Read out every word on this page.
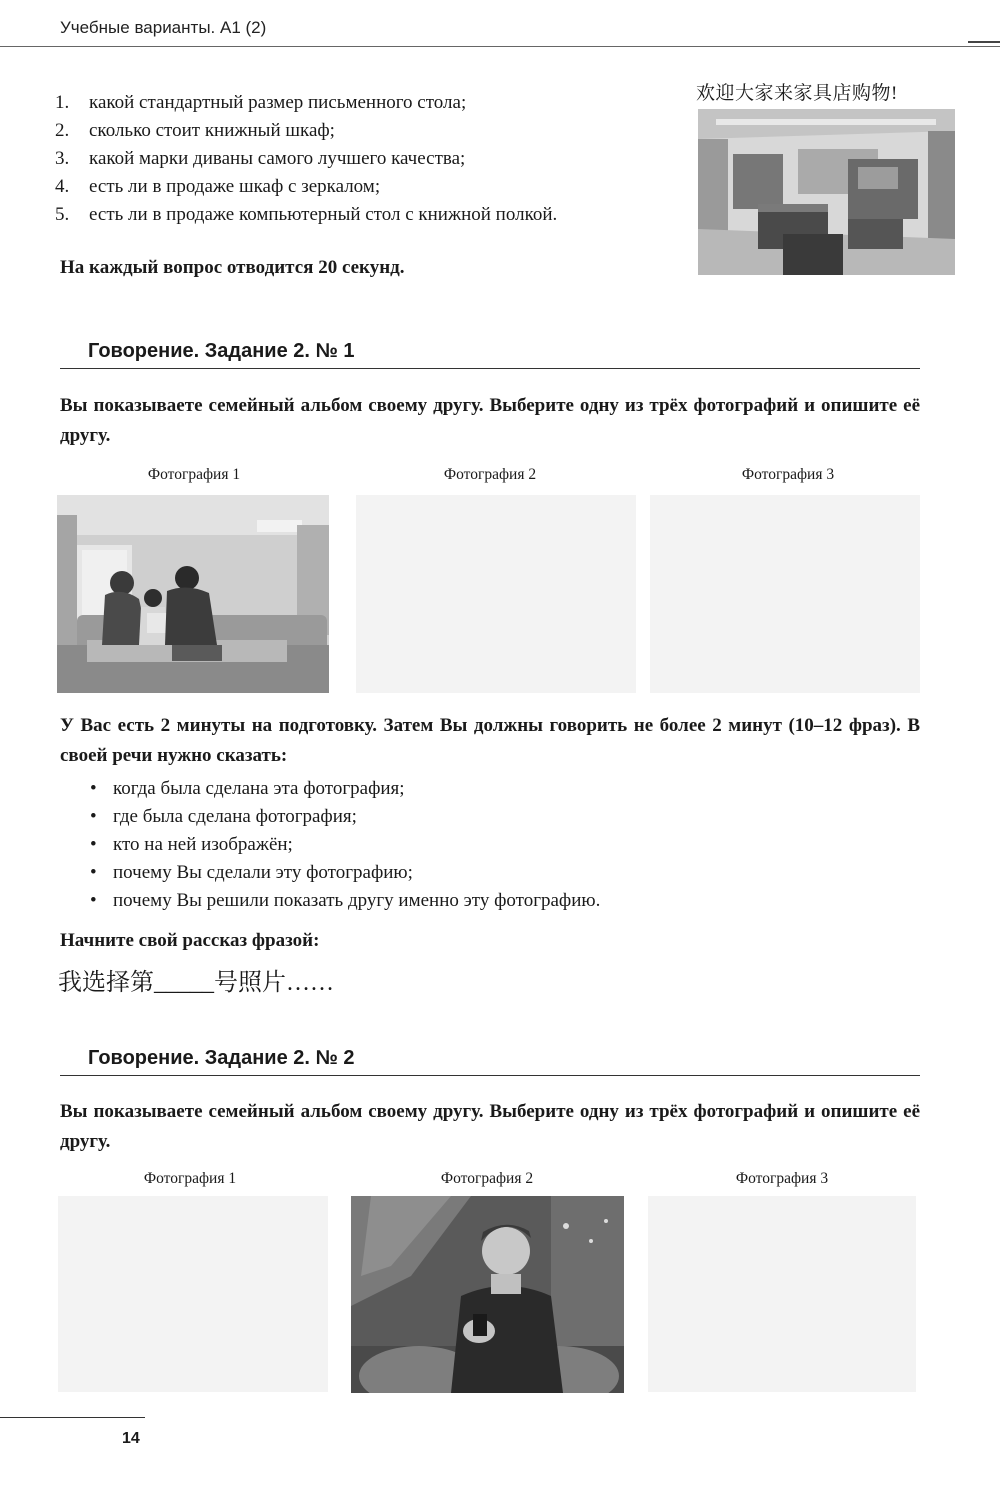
Учебные варианты. А1 (2)
1.	какой стандартный размер письменного стола;
2.	сколько стоит книжный шкаф;
3.	какой марки диваны самого лучшего качества;
4.	есть ли в продаже шкаф с зеркалом;
5.	есть ли в продаже компьютерный стол с книжной полкой.
欢迎大家来家具店购物!
На каждый вопрос отводится 20 секунд.
Говорение. Задание 2. № 1
Вы показываете семейный альбом своему другу. Выберите одну из трёх фотографий и опишите её другу.
Фотография 1	Фотография 2	Фотография 3
У Вас есть 2 минуты на подготовку. Затем Вы должны говорить не более 2 минут (10–12 фраз). В своей речи нужно сказать:
• когда была сделана эта фотография;
• где была сделана фотография;
• кто на ней изображён;
• почему Вы сделали эту фотографию;
• почему Вы решили показать другу именно эту фотографию.
Начните свой рассказ фразой:
我选择第_____号照片……
Говорение. Задание 2. № 2
Вы показываете семейный альбом своему другу. Выберите одну из трёх фотографий и опишите её другу.
Фотография 1	Фотография 2	Фотография 3
14
